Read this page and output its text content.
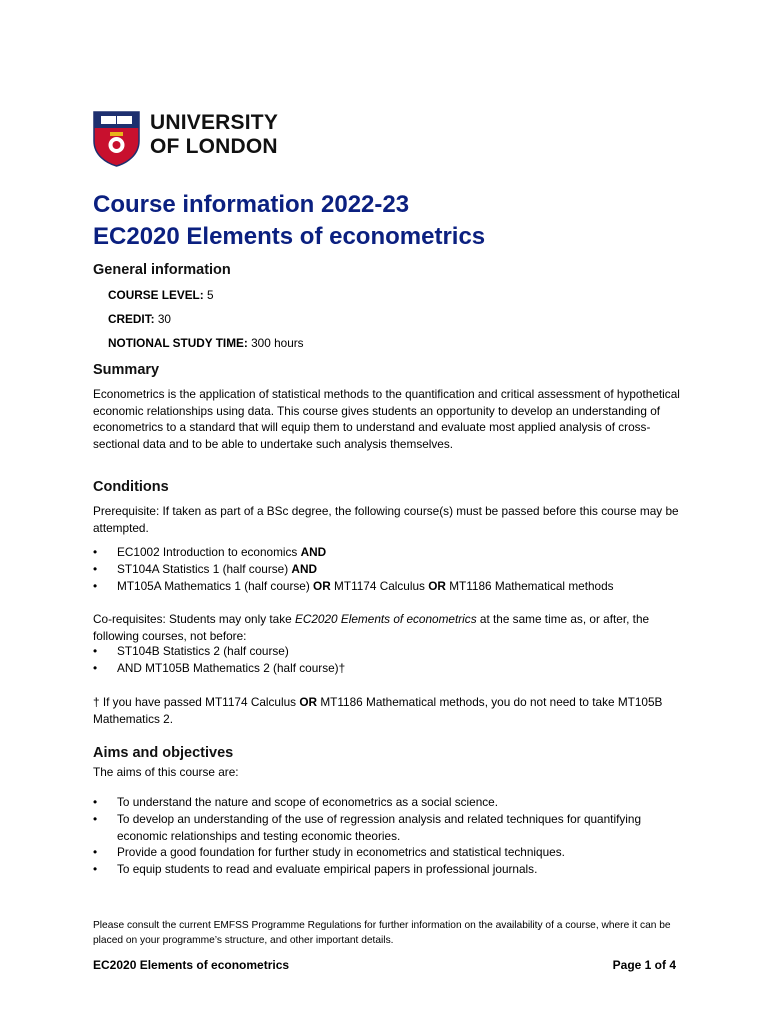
UNIVERSITY
OF LONDON
Course information 2022-23
EC2020 Elements of econometrics
General information
COURSE LEVEL: 5
CREDIT: 30
NOTIONAL STUDY TIME: 300 hours
Summary

Econometrics is the application of statistical methods to the quantification and critical assessment of hypothetical economic relationships using data. This course gives students an opportunity to develop an understanding of econometrics to a standard that will equip them to understand and evaluate most applied analysis of cross-sectional data and to be able to undertake such analysis themselves.

Conditions

Prerequisite: If taken as part of a BSc degree, the following course(s) must be passed before this course may be attempted.

• EC1002 Introduction to economics AND
• ST104A Statistics 1 (half course) AND
• MT105A Mathematics 1 (half course) OR MT1174 Calculus OR MT1186 Mathematical methods

Co-requisites: Students may only take EC2020 Elements of econometrics at the same time as, or after, the following courses, not before:

• ST104B Statistics 2 (half course)
• AND MT105B Mathematics 2 (half course)†

† If you have passed MT1174 Calculus OR MT1186 Mathematical methods, you do not need to take MT105B Mathematics 2.

Aims and objectives

The aims of this course are:

• To understand the nature and scope of econometrics as a social science.
• To develop an understanding of the use of regression analysis and related techniques for quantifying economic relationships and testing economic theories.
• Provide a good foundation for further study in econometrics and statistical techniques.
• To equip students to read and evaluate empirical papers in professional journals.
Please consult the current EMFSS Programme Regulations for further information on the availability of a course, where it can be placed on your programme’s structure, and other important details.
EC2020 Elements of econometrics	Page 1 of 4
